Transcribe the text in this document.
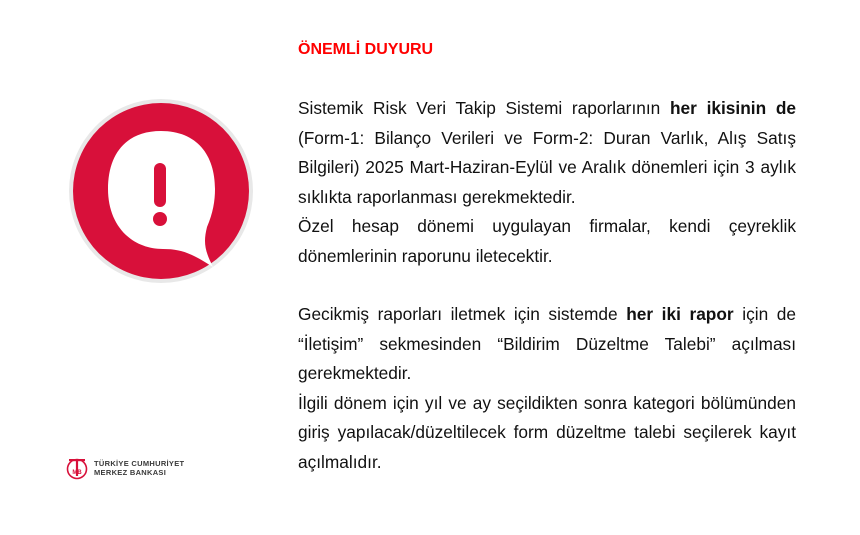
ÖNEMLİ DUYURU

Sistemik Risk Veri Takip Sistemi raporlarının her ikisinin de (Form-1: Bilanço Verileri ve Form-2: Duran Varlık, Alış Satış Bilgileri) 2025 Mart-Haziran-Eylül ve Aralık dönemleri için 3 aylık sıklıkta raporlanması gerekmektedir.

Özel hesap dönemi uygulayan firmalar, kendi çeyreklik dönemlerinin raporunu iletecektir.

Gecikmiş raporları iletmek için sistemde her iki rapor için de “İletişim” sekmesinden “Bildirim Düzeltme Talebi” açılması gerekmektedir.

İlgili dönem için yıl ve ay seçildikten sonra kategori bölümünden giriş yapılacak/düzeltilecek form düzeltme talebi seçilerek kayıt açılmalıdır.

MB
TÜRKİYE CUMHURİYET
MERKEZ BANKASI
